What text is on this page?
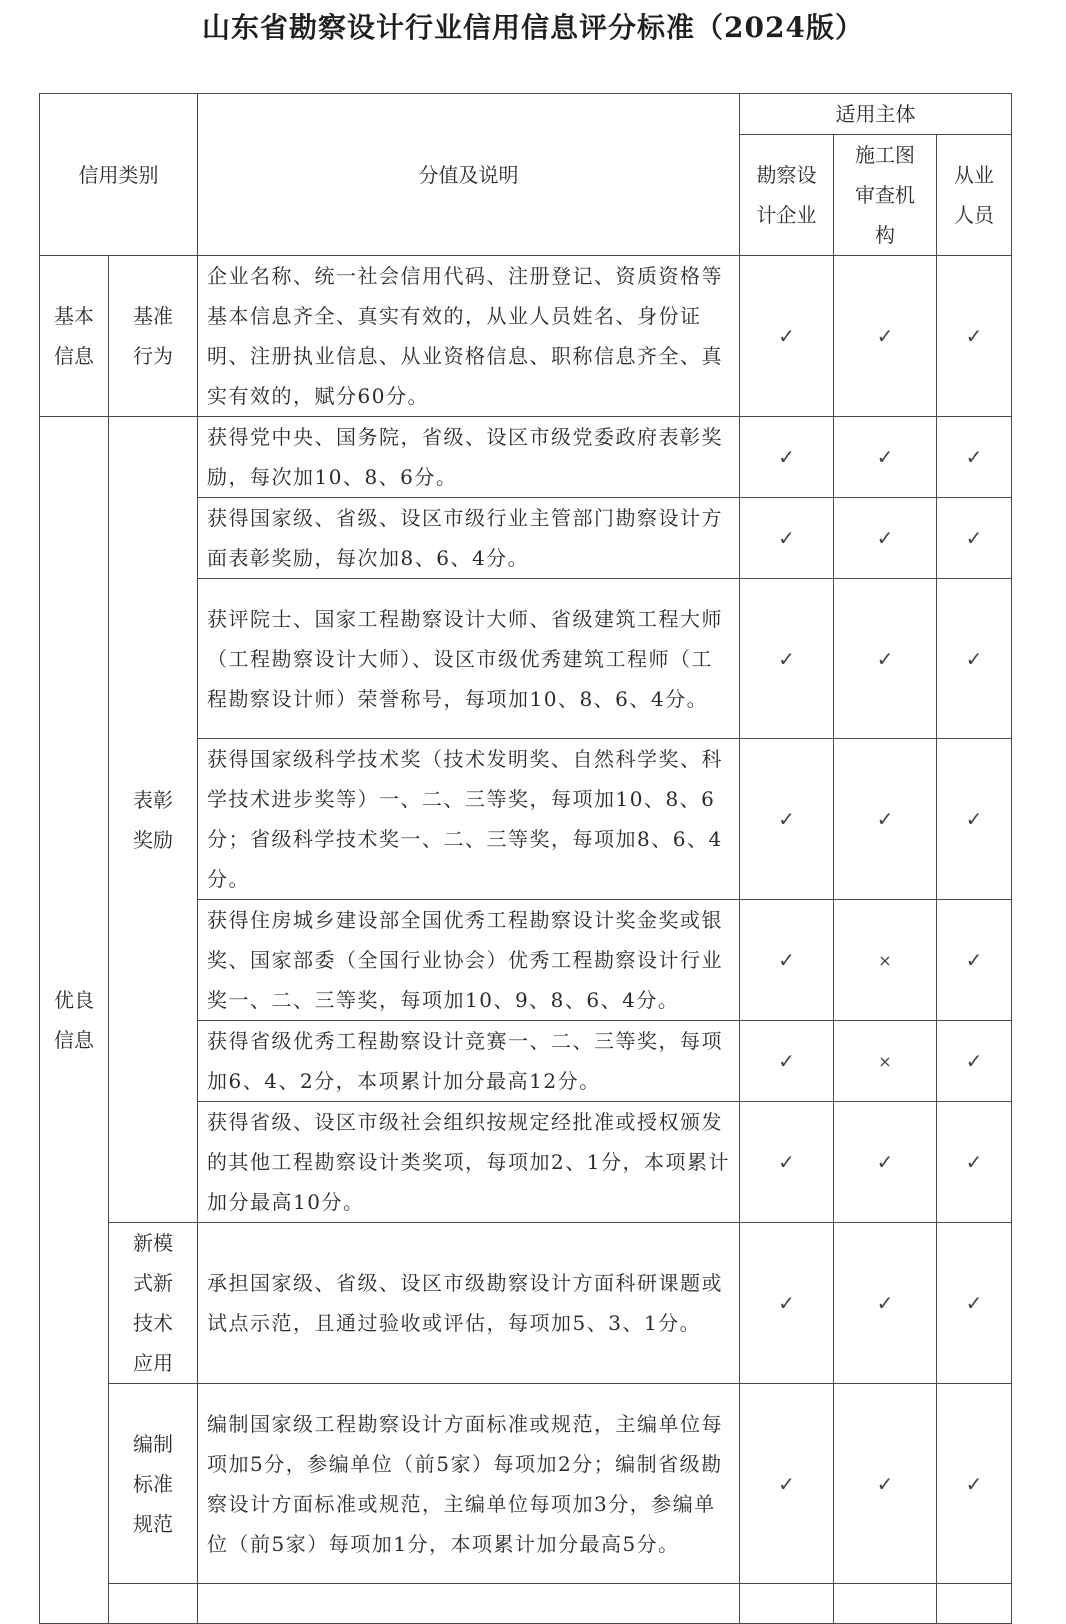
山东省勘察设计行业信用信息评分标准（2024版）
信用类别		分值及说明	适用主体		

			勘察设计企业	施工图审查机构	从业人员

基本信息	基准行为	企业名称、统一社会信用代码、注册登记、资质资格等基本信息齐全、真实有效的，从业人员姓名、身份证明、注册执业信息、从业资格信息、职称信息齐全、真实有效的，赋分60分。	✓	✓	✓

优良信息	表彰奖励	获得党中央、国务院，省级、设区市级党委政府表彰奖励，每次加10、8、6分。	✓	✓	✓
		获得国家级、省级、设区市级行业主管部门勘察设计方面表彰奖励，每次加8、6、4分。	✓	✓	✓
		获评院士、国家工程勘察设计大师、省级建筑工程大师（工程勘察设计大师）、设区市级优秀建筑工程师（工程勘察设计师）荣誉称号，每项加10、8、6、4分。	✓	✓	✓
		获得国家级科学技术奖（技术发明奖、自然科学奖、科学技术进步奖等）一、二、三等奖，每项加10、8、6分；省级科学技术奖一、二、三等奖，每项加8、6、4分。	✓	✓	✓
		获得住房城乡建设部全国优秀工程勘察设计奖金奖或银奖、国家部委（全国行业协会）优秀工程勘察设计行业奖一、二、三等奖，每项加10、9、8、6、4分。	✓	×	✓
		获得省级优秀工程勘察设计竞赛一、二、三等奖，每项加6、4、2分，本项累计加分最高12分。	✓	×	✓
		获得省级、设区市级社会组织按规定经批准或授权颁发的其他工程勘察设计类奖项，每项加2、1分，本项累计加分最高10分。	✓	✓	✓

	新模式新技术应用	承担国家级、省级、设区市级勘察设计方面科研课题或试点示范，且通过验收或评估，每项加5、3、1分。	✓	✓	✓

	编制标准规范	编制国家级工程勘察设计方面标准或规范，主编单位每项加5分，参编单位（前5家）每项加2分；编制省级勘察设计方面标准或规范，主编单位每项加3分，参编单位（前5家）每项加1分，本项累计加分最高5分。	✓	✓	✓
